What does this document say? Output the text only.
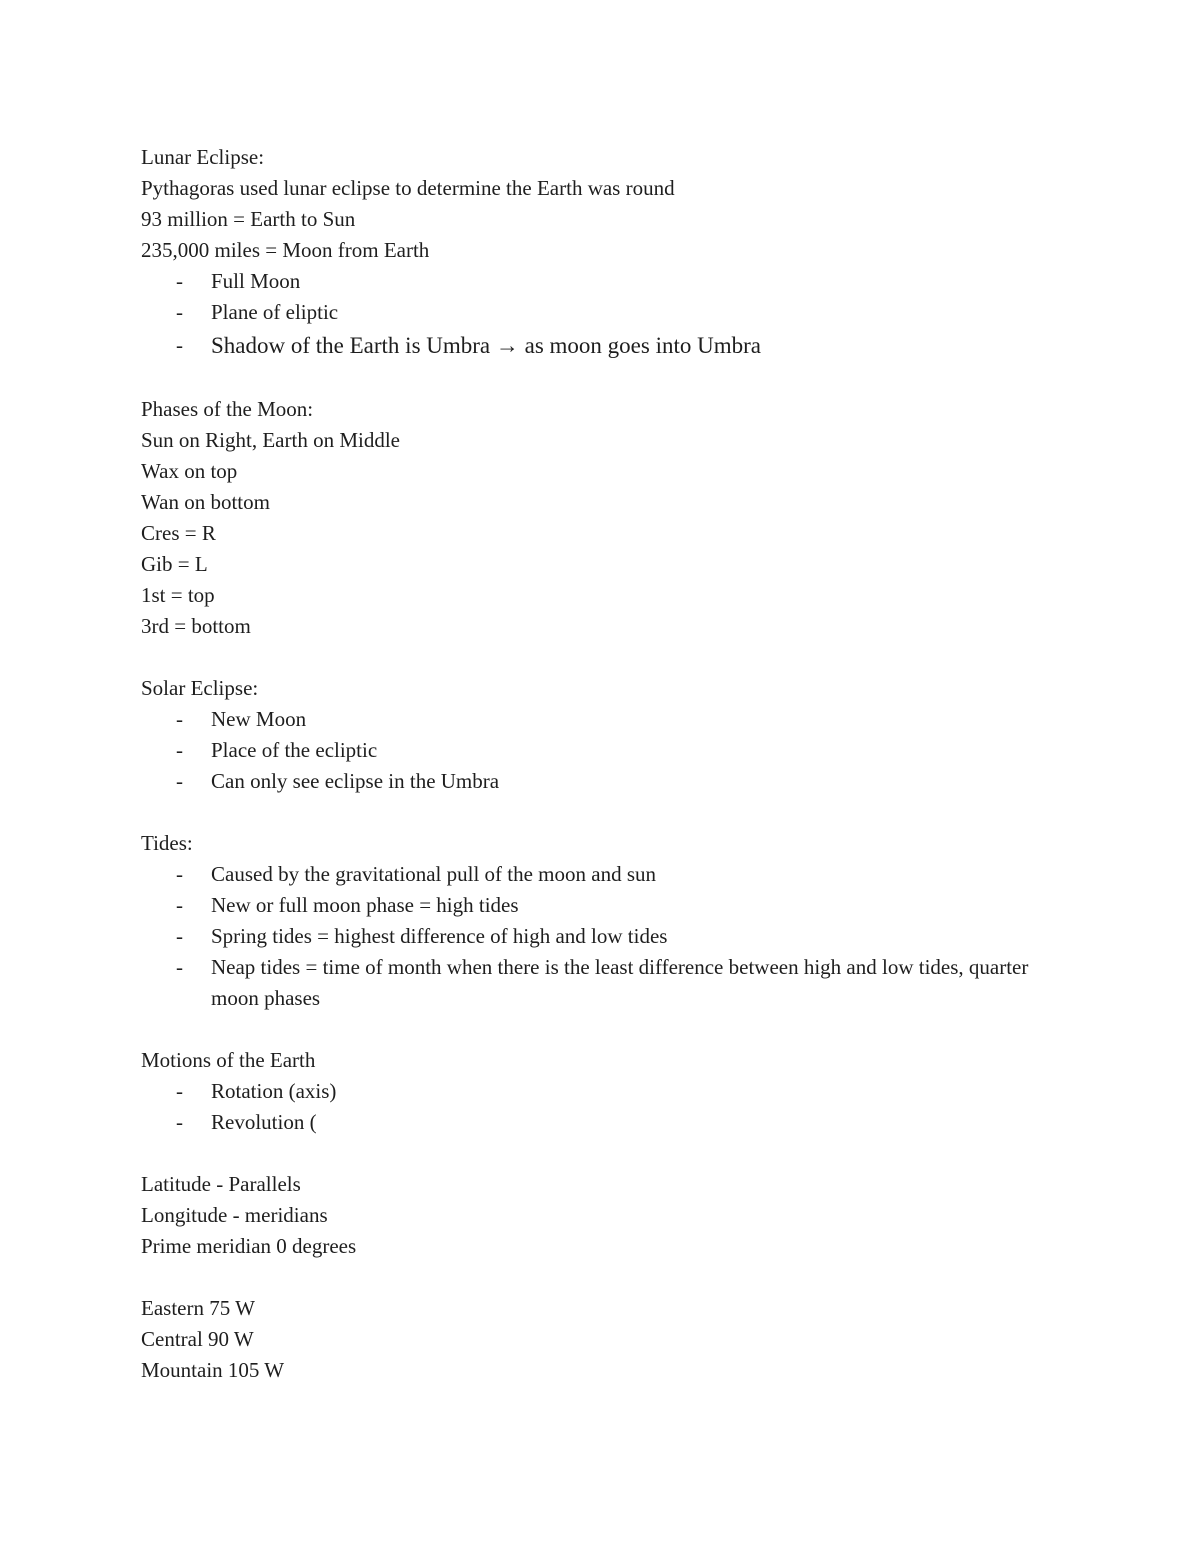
Lunar Eclipse:
Pythagoras used lunar eclipse to determine the Earth was round
93 million = Earth to Sun
235,000 miles = Moon from Earth
- Full Moon
- Plane of eliptic
- Shadow of the Earth is Umbra → as moon goes into Umbra
Phases of the Moon:
Sun on Right, Earth on Middle
Wax on top
Wan on bottom
Cres = R
Gib = L
1st = top
3rd = bottom
Solar Eclipse:
- New Moon
- Place of the ecliptic
- Can only see eclipse in the Umbra
Tides:
- Caused by the gravitational pull of the moon and sun
- New or full moon phase = high tides
- Spring tides = highest difference of high and low tides
- Neap tides = time of month when there is the least difference between high and low tides, quarter moon phases
Motions of the Earth
- Rotation (axis)
- Revolution (
Latitude - Parallels
Longitude - meridians
Prime meridian 0 degrees
Eastern 75 W
Central 90 W
Mountain 105 W
